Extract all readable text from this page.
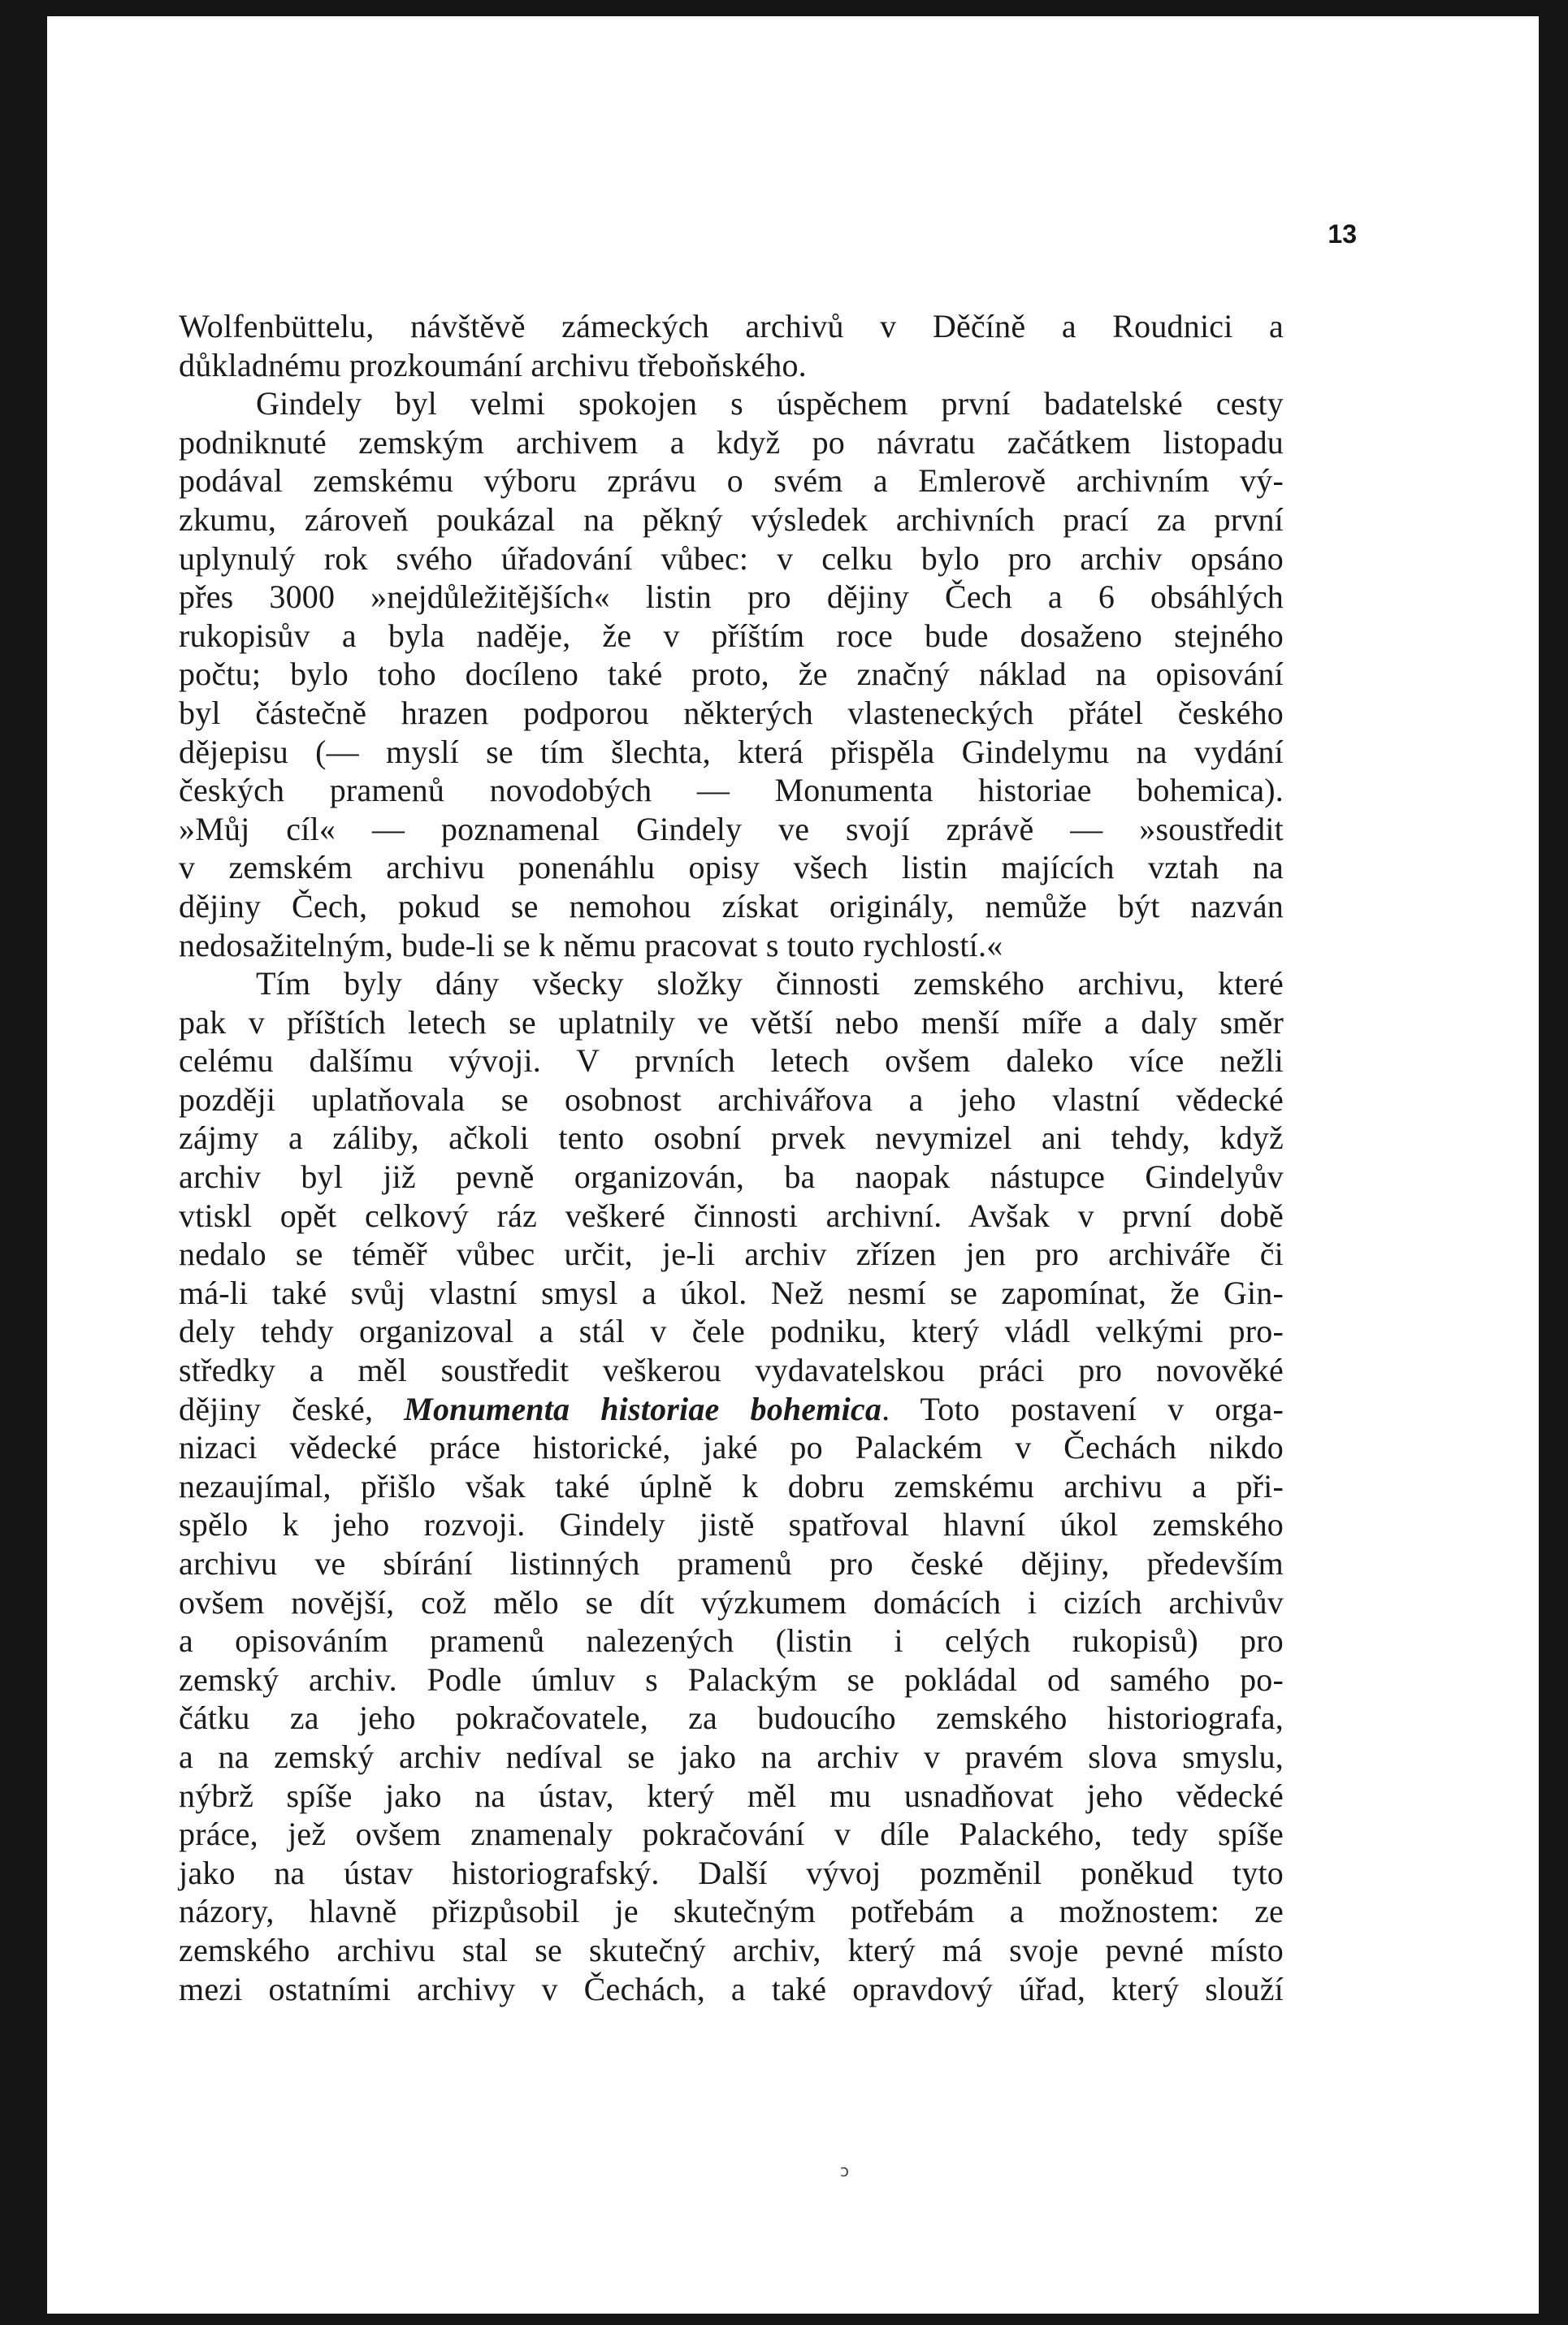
13
Wolfenbüttelu, návštěvě zámeckých archivů v Děčíně a Roudnici a
důkladnému prozkoumání archivu třeboňského.
Gindely byl velmi spokojen s úspěchem první badatelské cesty
podniknuté zemským archivem a když po návratu začátkem listopadu
podával zemskému výboru zprávu o svém a Emlerově archivním vý-
zkumu, zároveň poukázal na pěkný výsledek archivních prací za první
uplynulý rok svého úřadování vůbec: v celku bylo pro archiv opsáno
přes 3000 »nejdůležitějších« listin pro dějiny Čech a 6 obsáhlých
rukopisův a byla naděje, že v příštím roce bude dosaženo stejného
počtu; bylo toho docíleno také proto, že značný náklad na opisování
byl částečně hrazen podporou některých vlasteneckých přátel českého
dějepisu (— myslí se tím šlechta, která přispěla Gindelymu na vydání
českých pramenů novodobých — Monumenta historiae bohemica).
»Můj cíl« — poznamenal Gindely ve svojí zprávě — »soustředit
v zemském archivu ponenáhlu opisy všech listin majících vztah na
dějiny Čech, pokud se nemohou získat originály, nemůže být nazván
nedosažitelným, bude-li se k němu pracovat s touto rychlostí.«
Tím byly dány všecky složky činnosti zemského archivu, které
pak v příštích letech se uplatnily ve větší nebo menší míře a daly směr
celému dalšímu vývoji. V prvních letech ovšem daleko více nežli
později uplatňovala se osobnost archivářova a jeho vlastní vědecké
zájmy a záliby, ačkoli tento osobní prvek nevymizel ani tehdy, když
archiv byl již pevně organizován, ba naopak nástupce Gindelyův
vtiskl opět celkový ráz veškeré činnosti archivní. Avšak v první době
nedalo se téměř vůbec určit, je-li archiv zřízen jen pro archiváře či
má-li také svůj vlastní smysl a úkol. Než nesmí se zapomínat, že Gin-
dely tehdy organizoval a stál v čele podniku, který vládl velkými pro-
středky a měl soustředit veškerou vydavatelskou práci pro novověké
dějiny české, Monumenta historiae bohemica. Toto postavení v orga-
nizaci vědecké práce historické, jaké po Palackém v Čechách nikdo
nezaujímal, přišlo však také úplně k dobru zemskému archivu a při-
spělo k jeho rozvoji. Gindely jistě spatřoval hlavní úkol zemského
archivu ve sbírání listinných pramenů pro české dějiny, především
ovšem novější, což mělo se dít výzkumem domácích i cizích archivův
a opisováním pramenů nalezených (listin i celých rukopisů) pro
zemský archiv. Podle úmluv s Palackým se pokládal od samého po-
čátku za jeho pokračovatele, za budoucího zemského historiografa,
a na zemský archiv nedíval se jako na archiv v pravém slova smyslu,
nýbrž spíše jako na ústav, který měl mu usnadňovat jeho vědecké
práce, jež ovšem znamenaly pokračování v díle Palackého, tedy spíše
jako na ústav historiografský. Další vývoj pozměnil poněkud tyto
názory, hlavně přizpůsobil je skutečným potřebám a možnostem: ze
zemského archivu stal se skutečný archiv, který má svoje pevné místo
mezi ostatními archivy v Čechách, a také opravdový úřad, který slouží
ɔ
